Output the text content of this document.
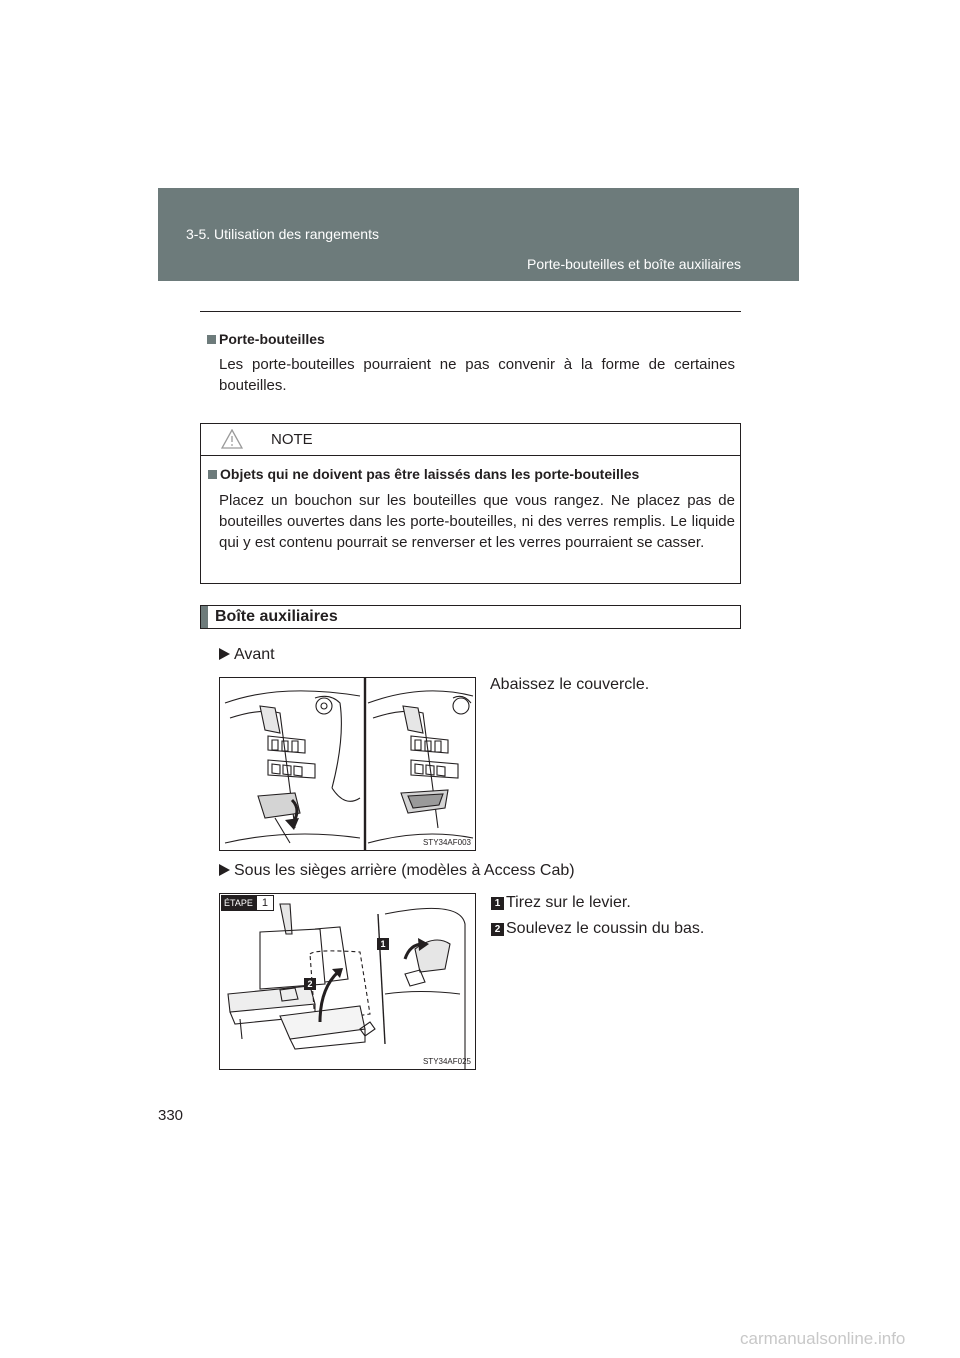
3-5. Utilisation des rangements
Porte-bouteilles et boîte auxiliaires
Porte-bouteilles
Les porte-bouteilles pourraient ne pas convenir à la forme de certaines bouteilles.
NOTE
Objets qui ne doivent pas être laissés dans les porte-bouteilles
Placez un bouchon sur les bouteilles que vous rangez. Ne placez pas de bouteilles ouvertes dans les porte-bouteilles, ni des verres remplis. Le liquide qui y est contenu pourrait se renverser et les verres pourraient se casser.
Boîte auxiliaires
Avant
Abaissez le couvercle.
STY34AF003
Sous les sièges arrière (modèles à Access Cab)
1 Tirez sur le levier.
2 Soulevez le coussin du bas.
ÉTAPE 1
1
2
STY34AF025
330
carmanualsonline.info
